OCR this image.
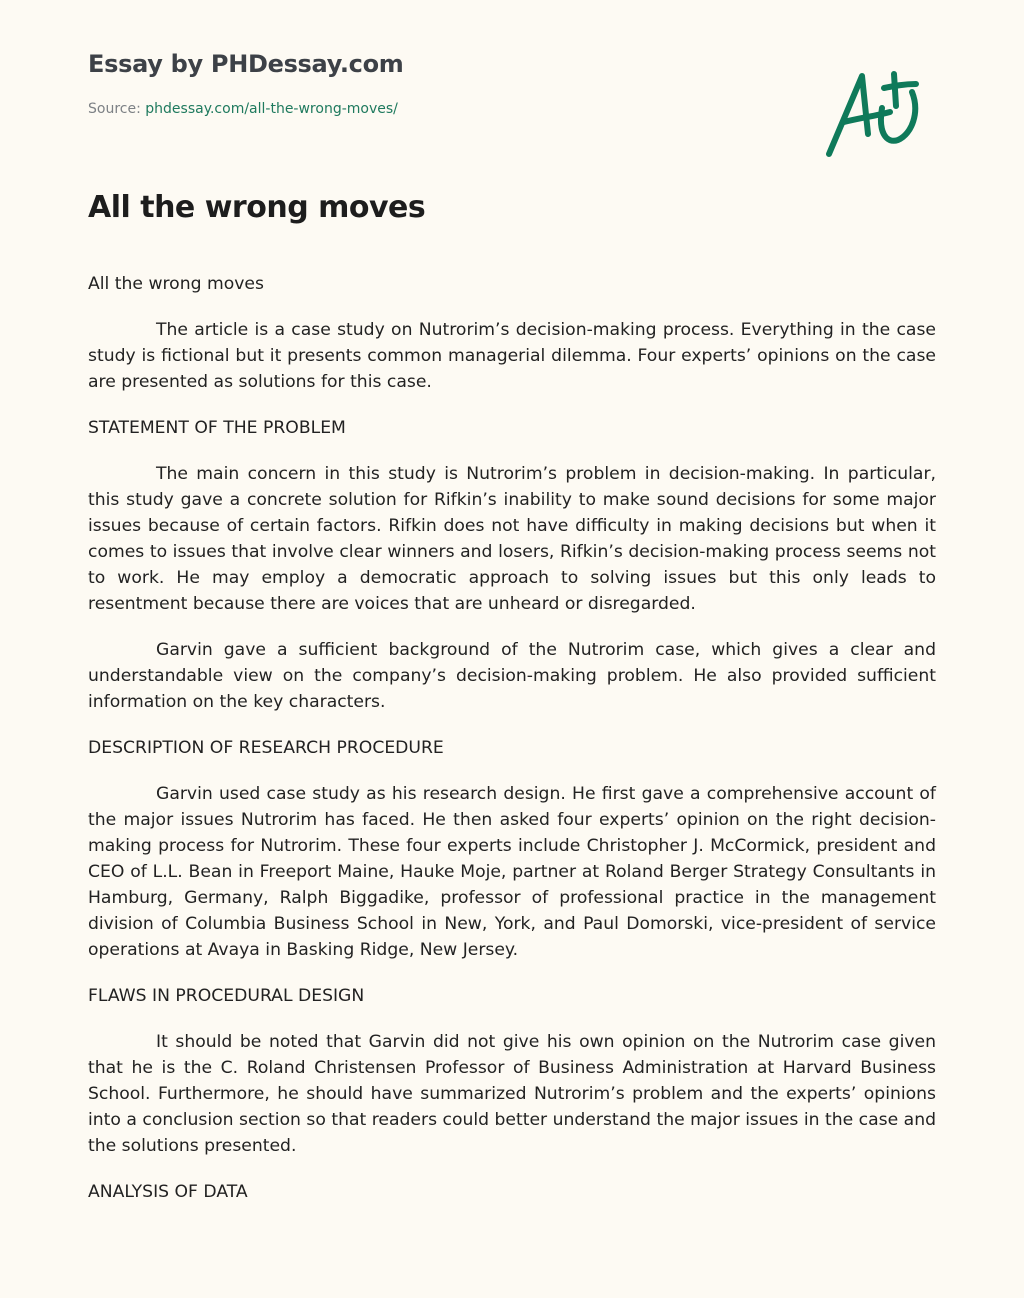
Essay by PHDessay.com
Source: phdessay.com/all-the-wrong-moves/
All the wrong moves

All the wrong moves

The article is a case study on Nutrorim’s decision-making process. Everything in the case study is fictional but it presents common managerial dilemma. Four experts’ opinions on the case are presented as solutions for this case.

STATEMENT OF THE PROBLEM

The main concern in this study is Nutrorim’s problem in decision-making. In particular, this study gave a concrete solution for Rifkin’s inability to make sound decisions for some major issues because of certain factors. Rifkin does not have difficulty in making decisions but when it comes to issues that involve clear winners and losers, Rifkin’s decision-making process seems not to work. He may employ a democratic approach to solving issues but this only leads to resentment because there are voices that are unheard or disregarded.

Garvin gave a sufficient background of the Nutrorim case, which gives a clear and understandable view on the company’s decision-making problem. He also provided sufficient information on the key characters.

DESCRIPTION OF RESEARCH PROCEDURE

Garvin used case study as his research design. He first gave a comprehensive account of the major issues Nutrorim has faced. He then asked four experts’ opinion on the right decision-making process for Nutrorim. These four experts include Christopher J. McCormick, president and CEO of L.L. Bean in Freeport Maine, Hauke Moje, partner at Roland Berger Strategy Consultants in Hamburg, Germany, Ralph Biggadike, professor of professional practice in the management division of Columbia Business School in New, York, and Paul Domorski, vice-president of service operations at Avaya in Basking Ridge, New Jersey.

FLAWS IN PROCEDURAL DESIGN

It should be noted that Garvin did not give his own opinion on the Nutrorim case given that he is the C. Roland Christensen Professor of Business Administration at Harvard Business School. Furthermore, he should have summarized Nutrorim’s problem and the experts’ opinions into a conclusion section so that readers could better understand the major issues in the case and the solutions presented.

ANALYSIS OF DATA
